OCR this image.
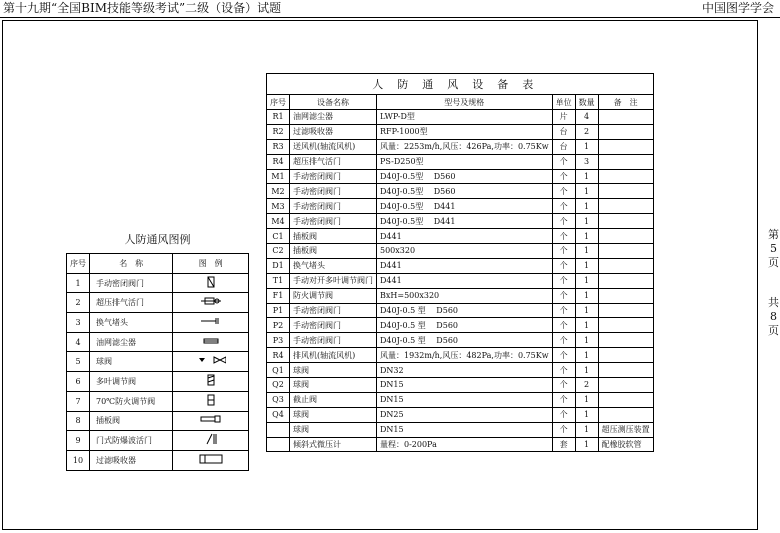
第十九期“全国BIM技能等级考试”二级（设备）试题	中国图学学会
第
5
页
共
8
页
人防通风图例
序号	名　称	图　例
1	手动密闭阀门	
2	超压排气活门	
3	换气堵头	
4	油网滤尘器	
5	球阀	
6	多叶调节阀	
7	70℃防火调节阀	
8	插板阀	
9	门式防爆波活门	
10	过滤吸收器	
人防通风设备表					
序号	设备名称	型号及规格	单位	数量	备　注
R1	油网滤尘器	LWP-D型	片	4	
R2	过滤吸收器	RFP-1000型	台	2	
R3	送风机(轴流风机)	风量：2253m/h,风压：426Pa,功率：0.75Kw	台	1	
R4	超压排气活门	PS-D250型	个	3	
M1	手动密闭阀门	D40J-0.5型　 D560	个	1	
M2	手动密闭阀门	D40J-0.5型　 D560	个	1	
M3	手动密闭阀门	D40J-0.5型　 D441	个	1	
M4	手动密闭阀门	D40J-0.5型　 D441	个	1	
C1	插板阀	D441	个	1	
C2	插板阀	500x320	个	1	
D1	换气堵头	D441	个	1	
T1	手动对开多叶调节阀门	D441	个	1	
F1	防火调节阀	BxH=500x320	个	1	
P1	手动密闭阀门	D40J-0.5 型　 D560	个	1	
P2	手动密闭阀门	D40J-0.5 型　 D560	个	1	
P3	手动密闭阀门	D40J-0.5 型　 D560	个	1	
R4	排风机(轴流风机)	风量：1932m/h,风压：482Pa,功率：0.75Kw	个	1	
Q1	球阀	DN32	个	1	
Q2	球阀	DN15	个	2	
Q3	截止阀	DN15	个	1	
Q4	球阀	DN25	个	1	
	球阀	DN15	个	1	超压测压装置
	倾斜式微压计	量程：0-200Pa	套	1	配橡胶软管
